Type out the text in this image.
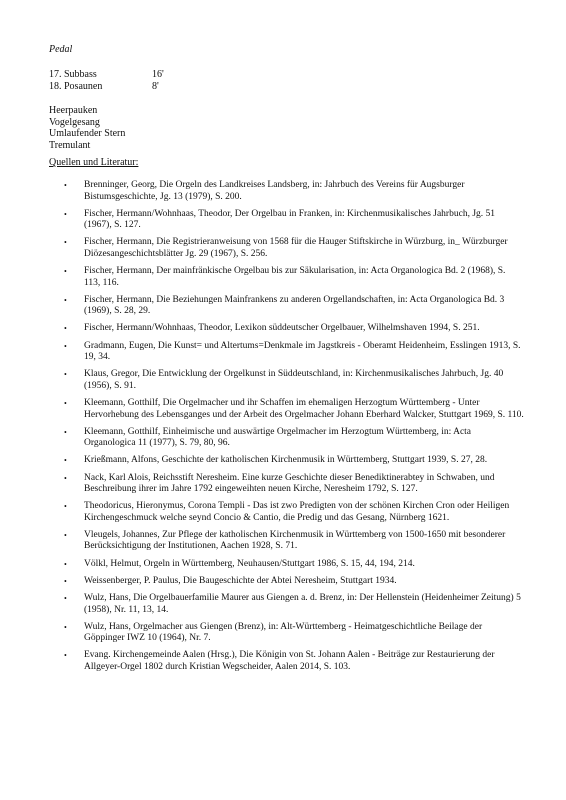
Pedal
17. Subbass	16'
18. Posaunen	8'
Heerpauken
Vogelgesang
Umlaufender Stern
Tremulant
Quellen und Literatur:
•	Brenninger, Georg, Die Orgeln des Landkreises Landsberg, in: Jahrbuch des Vereins für Augsburger Bistumsgeschichte, Jg. 13 (1979), S. 200.
•	Fischer, Hermann/Wohnhaas, Theodor, Der Orgelbau in Franken, in: Kirchenmusikalisches Jahrbuch, Jg. 51 (1967), S. 127.
•	Fischer, Hermann, Die Registrieranweisung von 1568 für die Hauger Stiftskirche in Würzburg, in_ Würzburger Diözesangeschichtsblätter Jg. 29 (1967), S. 256.
•	Fischer, Hermann, Der mainfränkische Orgelbau bis zur Säkularisation, in: Acta Organologica Bd. 2 (1968), S. 113, 116.
•	Fischer, Hermann, Die Beziehungen Mainfrankens zu anderen Orgellandschaften, in: Acta Organologica Bd. 3 (1969), S. 28, 29.
•	Fischer, Hermann/Wohnhaas, Theodor, Lexikon süddeutscher Orgelbauer, Wilhelmshaven 1994, S. 251.
•	Gradmann, Eugen, Die Kunst= und Altertums=Denkmale im Jagstkreis - Oberamt Heidenheim, Esslingen 1913, S. 19, 34.
•	Klaus, Gregor, Die Entwicklung der Orgelkunst in Süddeutschland, in: Kirchenmusikalisches Jahrbuch, Jg. 40 (1956), S. 91.
•	Kleemann, Gotthilf, Die Orgelmacher und ihr Schaffen im ehemaligen Herzogtum Württemberg - Unter Hervorhebung des Lebensganges und der Arbeit des Orgelmacher Johann Eberhard Walcker, Stuttgart 1969, S. 110.
•	Kleemann, Gotthilf, Einheimische und auswärtige Orgelmacher im Herzogtum Württemberg, in: Acta Organologica 11 (1977), S. 79, 80, 96.
•	Krießmann, Alfons, Geschichte der katholischen Kirchenmusik in Württemberg, Stuttgart 1939, S. 27, 28.
•	Nack, Karl Alois, Reichsstift Neresheim. Eine kurze Geschichte dieser Benediktinerabtey in Schwaben, und Beschreibung ihrer im Jahre 1792 eingeweihten neuen Kirche, Neresheim 1792, S. 127.
•	Theodoricus, Hieronymus, Corona Templi - Das ist zwo Predigten von der schönen Kirchen Cron oder Heiligen Kirchengeschmuck welche seynd Concio & Cantio, die Predig und das Gesang, Nürnberg 1621.
•	Vleugels, Johannes, Zur Pflege der katholischen Kirchenmusik in Württemberg von 1500-1650 mit besonderer Berücksichtigung der Institutionen, Aachen 1928, S. 71.
•	Völkl, Helmut, Orgeln in Württemberg, Neuhausen/Stuttgart 1986, S. 15, 44, 194, 214.
•	Weissenberger, P. Paulus, Die Baugeschichte der Abtei Neresheim, Stuttgart 1934.
•	Wulz, Hans, Die Orgelbauerfamilie Maurer aus Giengen a. d. Brenz, in: Der Hellenstein (Heidenheimer Zeitung) 5 (1958), Nr. 11, 13, 14.
•	Wulz, Hans, Orgelmacher aus Giengen (Brenz), in: Alt-Württemberg - Heimatgeschichtliche Beilage der Göppinger IWZ 10 (1964), Nr. 7.
•	Evang. Kirchengemeinde Aalen (Hrsg.), Die Königin von St. Johann Aalen - Beiträge zur Restaurierung der Allgeyer-Orgel 1802 durch Kristian Wegscheider, Aalen 2014, S. 103.
